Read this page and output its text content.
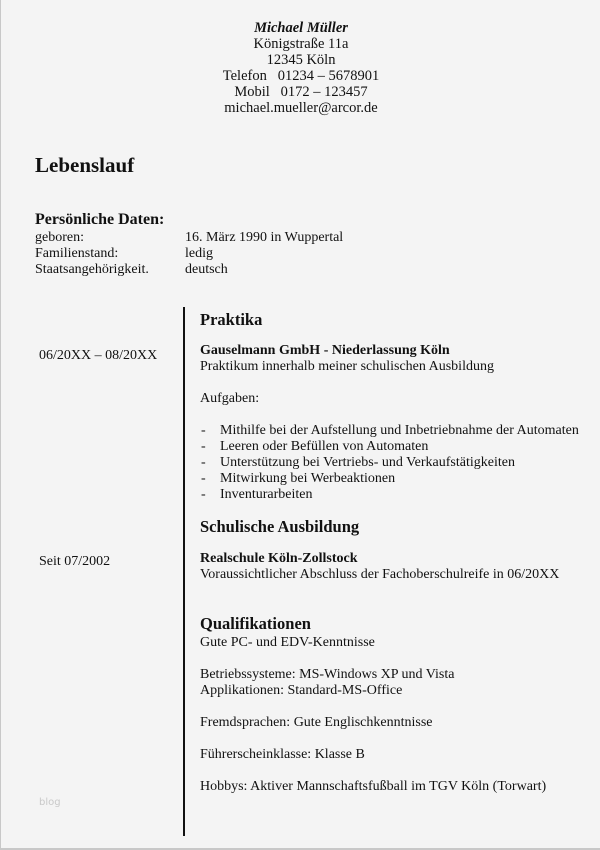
Michael Müller
Königstraße 11a
12345 Köln
Telefon   01234 – 5678901
Mobil   0172 – 123457
michael.mueller@arcor.de
Lebenslauf
Persönliche Daten:
geboren:	16. März 1990 in Wuppertal
Familienstand:	ledig
Staatsangehörigkeit.	deutsch
Praktika
06/20XX – 08/20XX	Gauselmann GmbH - Niederlassung Köln
Praktikum innerhalb meiner schulischen Ausbildung
Aufgaben:
- Mithilfe bei der Aufstellung und Inbetriebnahme der Automaten
- Leeren oder Befüllen von Automaten
- Unterstützung bei Vertriebs- und Verkaufstätigkeiten
- Mitwirkung bei Werbeaktionen
- Inventurarbeiten
Schulische Ausbildung
Seit 07/2002	Realschule Köln-Zollstock
Voraussichtlicher Abschluss der Fachoberschulreife in 06/20XX
Qualifikationen
Gute PC- und EDV-Kenntnisse
Betriebssysteme: MS-Windows XP und Vista
Applikationen: Standard-MS-Office
Fremdsprachen: Gute Englischkenntnisse
Führerscheinklasse: Klasse B
Hobbys: Aktiver Mannschaftsfußball im TGV Köln (Torwart)
blog
